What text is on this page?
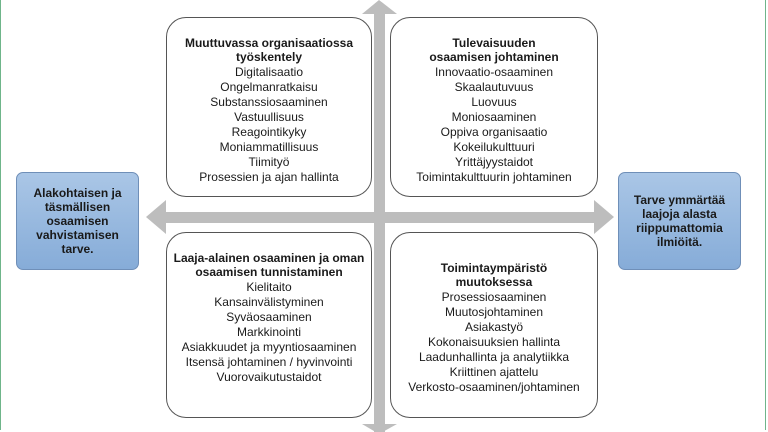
Muuttuvassa organisaatiossa työskentely
Digitalisaatio
Ongelmanratkaisu
Substanssiosaaminen
Vastuullisuus
Reagointikyky
Moniammatillisuus
Tiimityö
Prosessien ja ajan hallinta
Tulevaisuuden osaamisen johtaminen
Innovaatio-osaaminen
Skaalautuvuus
Luovuus
Moniosaaminen
Oppiva organisaatio
Kokeilukulttuuri
Yrittäjyystaidot
Toimintakulttuurin johtaminen
Laaja-alainen osaaminen ja oman osaamisen tunnistaminen
Kielitaito
Kansainvälistyminen
Syväosaaminen
Markkinointi
Asiakkuudet ja myyntiosaaminen
Itsensä johtaminen / hyvinvointi
Vuorovaikutustaidot
Toimintaympäristö muutoksessa
Prosessiosaaminen
Muutosjohtaminen
Asiakastyö
Kokonaisuuksien hallinta
Laadunhallinta ja analytiikka
Kriittinen ajattelu
Verkosto-osaaminen/johtaminen
Alakohtaisen ja täsmällisen osaamisen vahvistamisen tarve.
Tarve ymmärtää laajoja alasta riippumattomia ilmiöitä.
